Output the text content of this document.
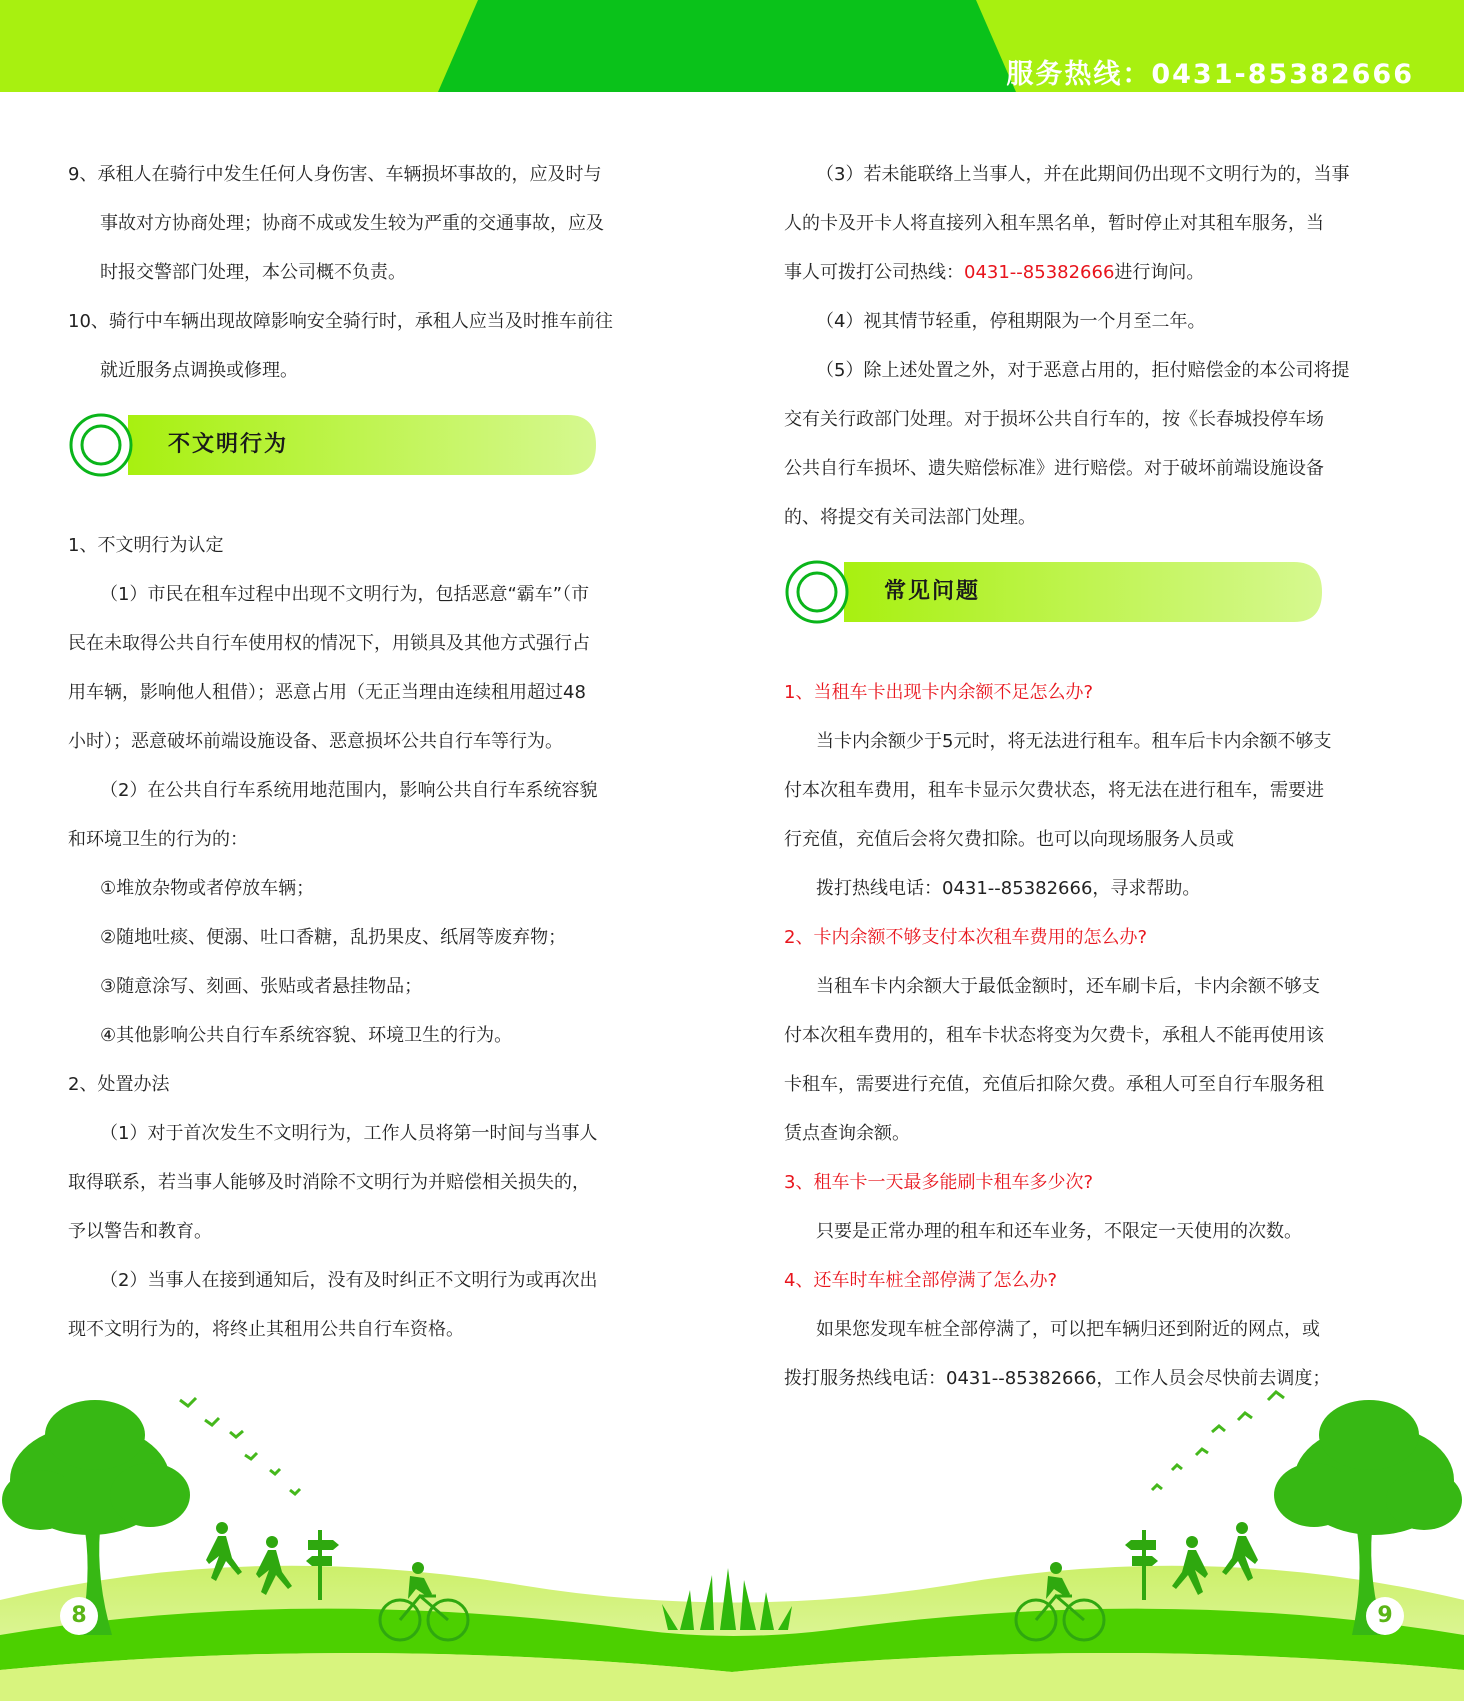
服务热线：0431-85382666

9、承租人在骑行中发生任何人身伤害、车辆损坏事故的，应及时与

事故对方协商处理；协商不成或发生较为严重的交通事故，应及

时报交警部门处理，本公司概不负责。

10、骑行中车辆出现故障影响安全骑行时，承租人应当及时推车前往

就近服务点调换或修理。

不文明行为

1、不文明行为认定

（1）市民在租车过程中出现不文明行为，包括恶意“霸车”（市

民在未取得公共自行车使用权的情况下，用锁具及其他方式强行占

用车辆，影响他人租借）；恶意占用（无正当理由连续租用超过48

小时）；恶意破坏前端设施设备、恶意损坏公共自行车等行为。

（2）在公共自行车系统用地范围内，影响公共自行车系统容貌

和环境卫生的行为的：

①堆放杂物或者停放车辆；

②随地吐痰、便溺、吐口香糖，乱扔果皮、纸屑等废弃物；

③随意涂写、刻画、张贴或者悬挂物品；

④其他影响公共自行车系统容貌、环境卫生的行为。

2、处置办法

（1）对于首次发生不文明行为，工作人员将第一时间与当事人

取得联系，若当事人能够及时消除不文明行为并赔偿相关损失的，

予以警告和教育。

（2）当事人在接到通知后，没有及时纠正不文明行为或再次出

现不文明行为的，将终止其租用公共自行车资格。

（3）若未能联络上当事人，并在此期间仍出现不文明行为的，当事

人的卡及开卡人将直接列入租车黑名单，暂时停止对其租车服务，当

事人可拨打公司热线：0431--85382666进行询问。

（4）视其情节轻重，停租期限为一个月至二年。

（5）除上述处置之外，对于恶意占用的，拒付赔偿金的本公司将提

交有关行政部门处理。对于损坏公共自行车的，按《长春城投停车场

公共自行车损坏、遗失赔偿标准》进行赔偿。对于破坏前端设施设备

的、将提交有关司法部门处理。

常见问题

1、当租车卡出现卡内余额不足怎么办?

当卡内余额少于5元时，将无法进行租车。租车后卡内余额不够支

付本次租车费用，租车卡显示欠费状态，将无法在进行租车，需要进

行充值，充值后会将欠费扣除。也可以向现场服务人员或

拨打热线电话：0431--85382666，寻求帮助。

2、卡内余额不够支付本次租车费用的怎么办?

当租车卡内余额大于最低金额时，还车刷卡后，卡内余额不够支

付本次租车费用的，租车卡状态将变为欠费卡，承租人不能再使用该

卡租车，需要进行充值，充值后扣除欠费。承租人可至自行车服务租

赁点查询余额。

3、租车卡一天最多能刷卡租车多少次?

只要是正常办理的租车和还车业务，不限定一天使用的次数。

4、还车时车桩全部停满了怎么办?

如果您发现车桩全部停满了，可以把车辆归还到附近的网点，或

拨打服务热线电话：0431--85382666，工作人员会尽快前去调度；

8	9
